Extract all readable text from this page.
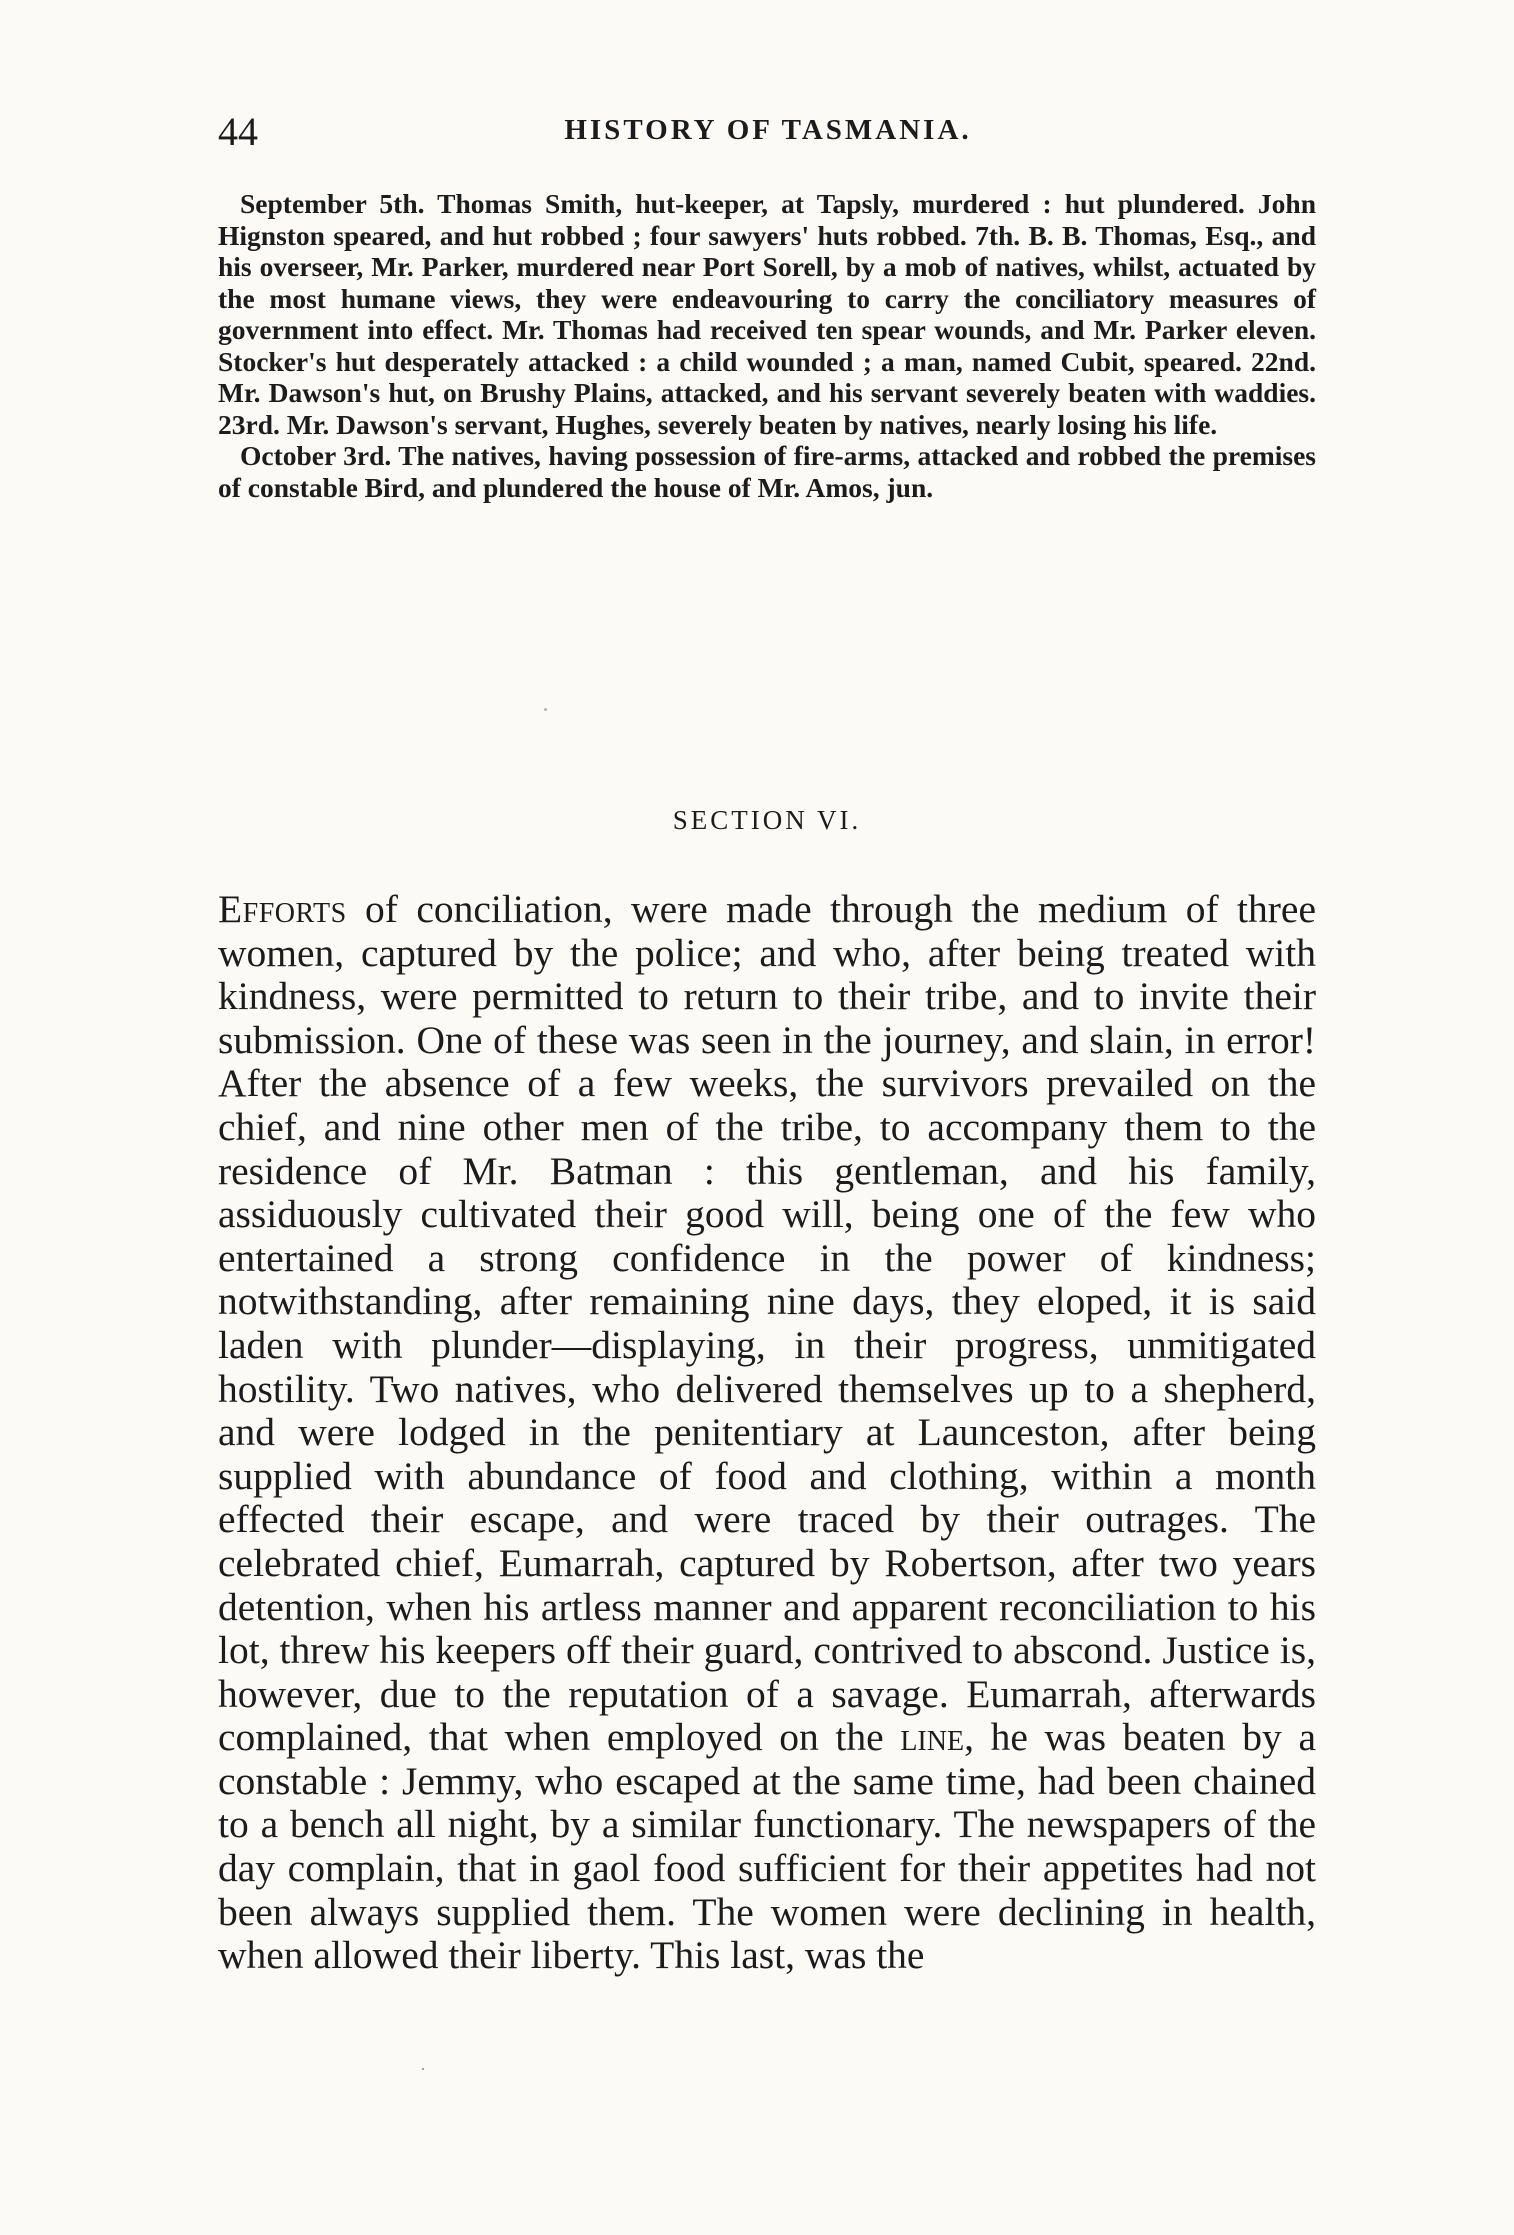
44	HISTORY OF TASMANIA.

September 5th. Thomas Smith, hut-keeper, at Tapsly, murdered : hut plundered. John Hignston speared, and hut robbed ; four sawyers' huts robbed. 7th. B. B. Thomas, Esq., and his overseer, Mr. Parker, murdered near Port Sorell, by a mob of natives, whilst, actuated by the most humane views, they were endeavouring to carry the conciliatory measures of government into effect. Mr. Thomas had received ten spear wounds, and Mr. Parker eleven. Stocker's hut desperately attacked : a child wounded ; a man, named Cubit, speared. 22nd. Mr. Dawson's hut, on Brushy Plains, attacked, and his servant severely beaten with waddies. 23rd. Mr. Dawson's servant, Hughes, severely beaten by natives, nearly losing his life.

October 3rd. The natives, having possession of fire-arms, attacked and robbed the premises of constable Bird, and plundered the house of Mr. Amos, jun.

SECTION VI.

Efforts of conciliation, were made through the medium of three women, captured by the police; and who, after being treated with kindness, were permitted to return to their tribe, and to invite their submission. One of these was seen in the journey, and slain, in error! After the absence of a few weeks, the survivors prevailed on the chief, and nine other men of the tribe, to accompany them to the residence of Mr. Batman : this gentleman, and his family, assiduously cultivated their good will, being one of the few who entertained a strong confidence in the power of kindness; notwithstanding, after remaining nine days, they eloped, it is said laden with plunder—displaying, in their progress, unmitigated hostility. Two natives, who delivered themselves up to a shepherd, and were lodged in the penitentiary at Launceston, after being supplied with abundance of food and clothing, within a month effected their escape, and were traced by their outrages. The celebrated chief, Eumarrah, captured by Robertson, after two years detention, when his artless manner and apparent reconciliation to his lot, threw his keepers off their guard, contrived to abscond. Justice is, however, due to the reputation of a savage. Eumarrah, afterwards complained, that when employed on the line, he was beaten by a constable : Jemmy, who escaped at the same time, had been chained to a bench all night, by a similar functionary. The newspapers of the day complain, that in gaol food sufficient for their appetites had not been always supplied them. The women were declining in health, when allowed their liberty. This last, was the
